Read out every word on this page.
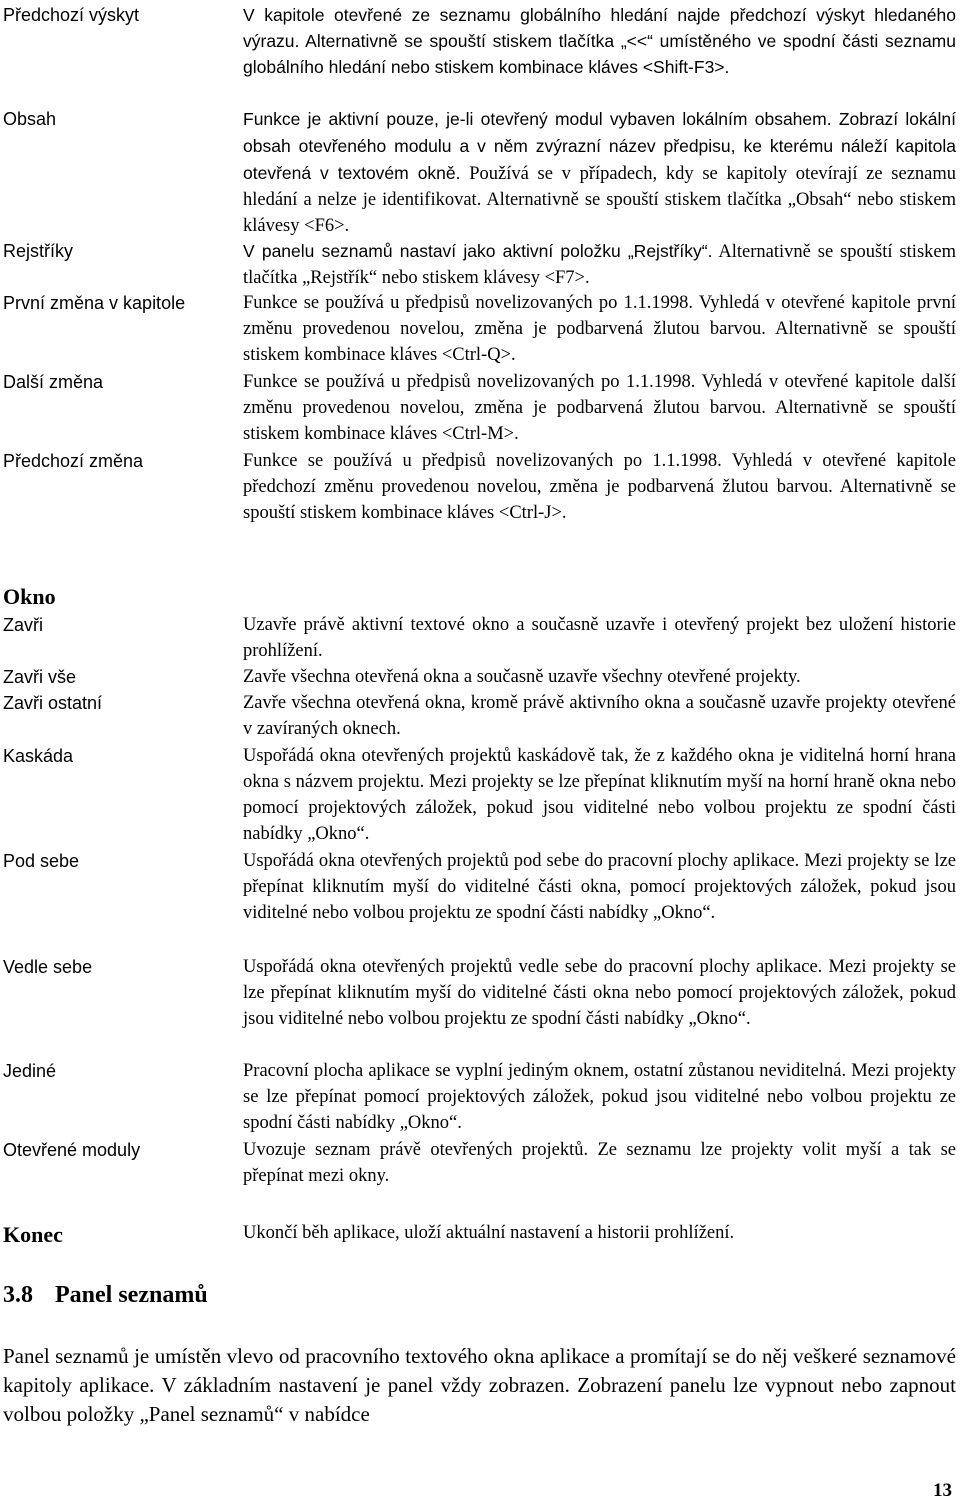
Předchozí výskyt	V kapitole otevřené ze seznamu globálního hledání najde předchozí výskyt hledaného výrazu. Alternativně se spouští stiskem tlačítka „<<“ umístěného ve spodní části seznamu globálního hledání nebo stiskem kombinace kláves <Shift-F3>.
Obsah	Funkce je aktivní pouze, je-li otevřený modul vybaven lokálním obsahem. Zobrazí lokální obsah otevřeného modulu a v něm zvýrazní název předpisu, ke kterému náleží kapitola otevřená v textovém okně. Používá se v případech, kdy se kapitoly otevírají ze seznamu hledání a nelze je identifikovat. Alternativně se spouští stiskem tlačítka „Obsah“ nebo stiskem klávesy <F6>.
Rejstříky	V panelu seznamů nastaví jako aktivní položku „Rejstříky“. Alternativně se spouští stiskem tlačítka „Rejstřík“ nebo stiskem klávesy <F7>.
První změna v kapitole	Funkce se používá u předpisů novelizovaných po 1.1.1998. Vyhledá v otevřené kapitole první změnu provedenou novelou, změna je podbarvená žlutou barvou. Alternativně se spouští stiskem kombinace kláves <Ctrl-Q>.
Další změna	Funkce se používá u předpisů novelizovaných po 1.1.1998. Vyhledá v otevřené kapitole další změnu provedenou novelou, změna je podbarvená žlutou barvou. Alternativně se spouští stiskem kombinace kláves <Ctrl-M>.
Předchozí změna	Funkce se používá u předpisů novelizovaných po 1.1.1998. Vyhledá v otevřené kapitole předchozí změnu provedenou novelou, změna je podbarvená žlutou barvou. Alternativně se spouští stiskem kombinace kláves <Ctrl-J>.
Okno
Zavři	Uzavře právě aktivní textové okno a současně uzavře i otevřený projekt bez uložení historie prohlížení.
Zavři vše	Zavře všechna otevřená okna a současně uzavře všechny otevřené projekty.
Zavři ostatní	Zavře všechna otevřená okna, kromě právě aktivního okna a současně uzavře projekty otevřené v zavíraných oknech.
Kaskáda	Uspořádá okna otevřených projektů kaskádově tak, že z každého okna je viditelná horní hrana okna s názvem projektu. Mezi projekty se lze přepínat kliknutím myší na horní hraně okna nebo pomocí projektových záložek, pokud jsou viditelné nebo volbou projektu ze spodní části nabídky „Okno“.
Pod sebe	Uspořádá okna otevřených projektů pod sebe do pracovní plochy aplikace. Mezi projekty se lze přepínat kliknutím myší do viditelné části okna, pomocí projektových záložek, pokud jsou viditelné nebo volbou projektu ze spodní části nabídky „Okno“.
Vedle sebe	Uspořádá okna otevřených projektů vedle sebe do pracovní plochy aplikace. Mezi projekty se lze přepínat kliknutím myší do viditelné části okna nebo pomocí projektových záložek, pokud jsou viditelné nebo volbou projektu ze spodní části nabídky „Okno“.
Jediné	Pracovní plocha aplikace se vyplní jediným oknem, ostatní zůstanou neviditelná. Mezi projekty se lze přepínat pomocí projektových záložek, pokud jsou viditelné nebo volbou projektu ze spodní části nabídky „Okno“.
Otevřené moduly	Uvozuje seznam právě otevřených projektů. Ze seznamu lze projekty volit myší a tak se přepínat mezi okny.
Konec	Ukončí běh aplikace, uloží aktuální nastavení a historii prohlížení.
3.8 Panel seznamů
Panel seznamů je umístěn vlevo od pracovního textového okna aplikace a promítají se do něj veškeré seznamové kapitoly aplikace. V základním nastavení je panel vždy zobrazen. Zobrazení panelu lze vypnout nebo zapnout volbou položky „Panel seznamů“ v nabídce
13
